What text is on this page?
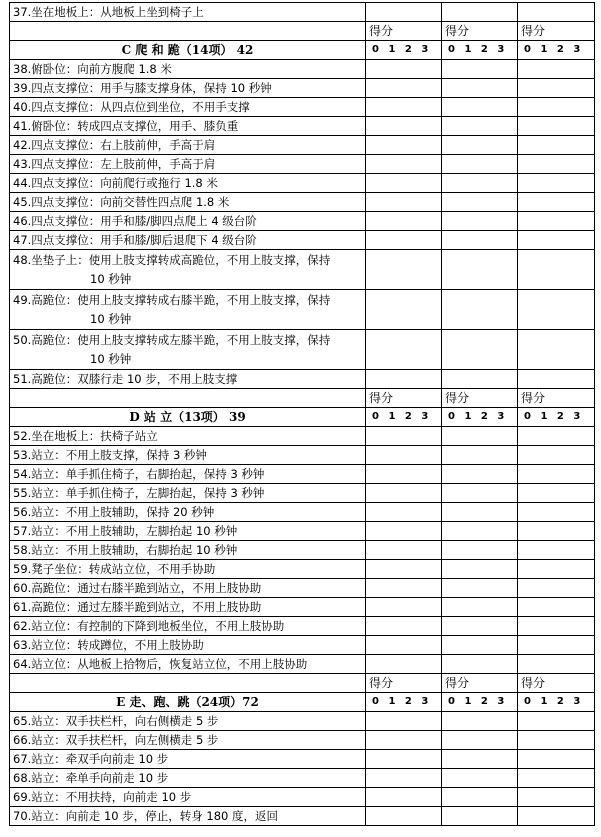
37.坐在地板上：从地板上坐到椅子上			
	得分	得分	得分
C 爬 和 跪（14项） 42	0 1 2 3	0 1 2 3	0 1 2 3
38.俯卧位：向前方腹爬 1.8 米			
39.四点支撑位：用手与膝支撑身体，保持 10 秒钟			
40.四点支撑位：从四点位到坐位，不用手支撑			
41.俯卧位：转成四点支撑位，用手、膝负重			
42.四点支撑位：右上肢前伸，手高于肩			
43.四点支撑位：左上肢前伸，手高于肩			
44.四点支撑位：向前爬行或拖行 1.8 米			
45.四点支撑位：向前交替性四点爬 1.8 米			
46.四点支撑位：用手和膝/脚四点爬上 4 级台阶			
47.四点支撑位：用手和膝/脚后退爬下 4 级台阶			
48.坐垫子上：使用上肢支撑转成高跪位，不用上肢支撑，保持
10 秒钟			

49.高跪位：使用上肢支撑转成右膝半跪，不用上肢支撑，保持
10 秒钟			

50.高跪位：使用上肢支撑转成左膝半跪，不用上肢支撑，保持
10 秒钟			

51.高跪位：双膝行走 10 步，不用上肢支撑			
	得分	得分	得分
D 站 立（13项） 39	0 1 2 3	0 1 2 3	0 1 2 3
52.坐在地板上：扶椅子站立			
53.站立：不用上肢支撑，保持 3 秒钟			
54.站立：单手抓住椅子，右脚抬起，保持 3 秒钟			
55.站立：单手抓住椅子，左脚抬起，保持 3 秒钟			
56.站立：不用上肢辅助，保持 20 秒钟			
57.站立：不用上肢辅助，左脚抬起 10 秒钟			
58.站立：不用上肢辅助，右脚抬起 10 秒钟			
59.凳子坐位：转成站立位，不用手协助			
60.高跪位：通过右膝半跪到站立，不用上肢协助			
61.高跪位：通过左膝半跪到站立，不用上肢协助			
62.站立位：有控制的下降到地板坐位，不用上肢协助			
63.站立位：转成蹲位，不用上肢协助			
64.站立位：从地板上拾物后，恢复站立位，不用上肢协助			
	得分	得分	得分
E 走、跑、跳（24项）72	0 1 2 3	0 1 2 3	0 1 2 3
65.站立：双手扶栏杆，向右侧横走 5 步			
66.站立：双手扶栏杆，向左侧横走 5 步			
67.站立：牵双手向前走 10 步			
68.站立：牵单手向前走 10 步			
69.站立：不用扶持，向前走 10 步			
70.站立：向前走 10 步，停止，转身 180 度，返回			
